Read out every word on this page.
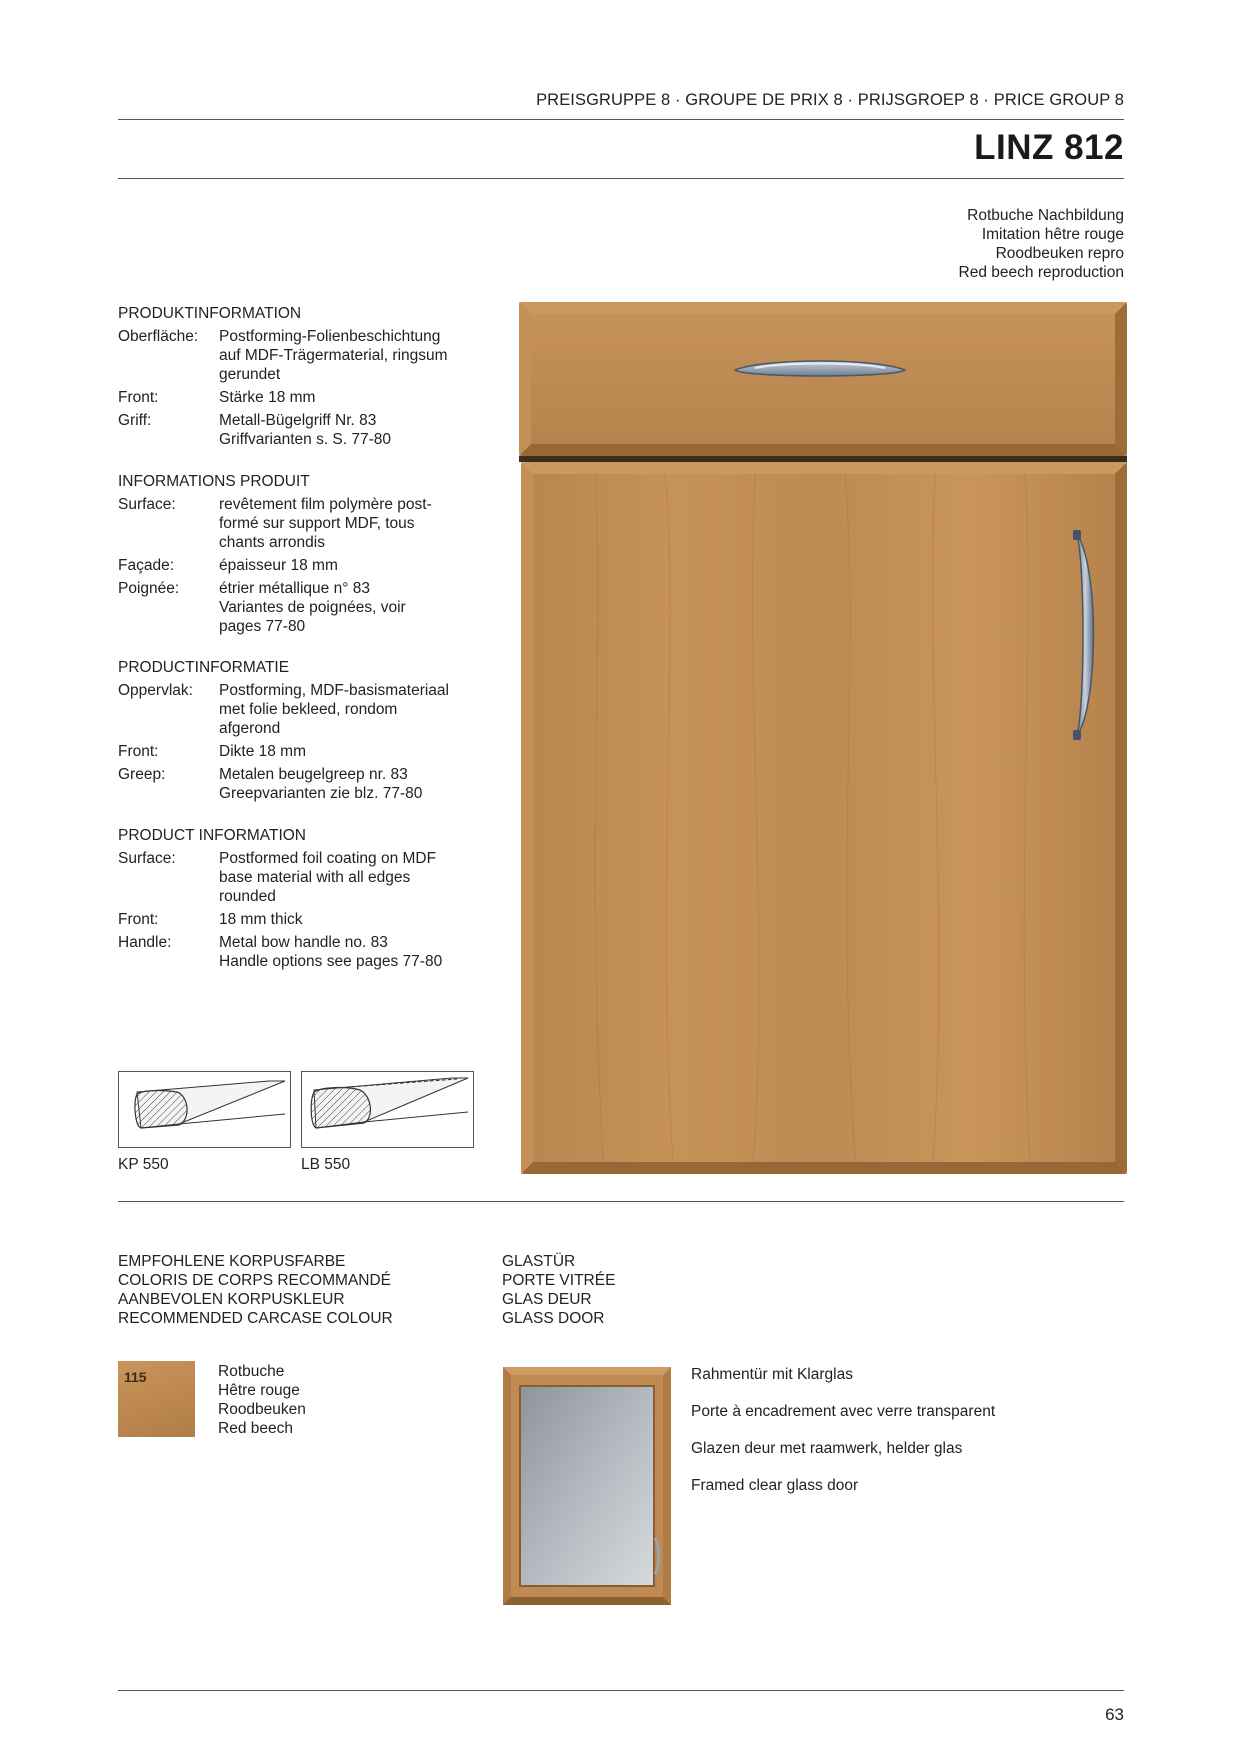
PREISGRUPPE 8 · GROUPE DE PRIX 8 · PRIJSGROEP 8 · PRICE GROUP 8
LINZ 812
Rotbuche Nachbildung
Imitation hêtre rouge
Roodbeuken repro
Red beech reproduction
PRODUKTINFORMATION
Oberfläche:	Postforming-Folienbeschichtung
auf MDF-Trägermaterial, ringsum
gerundet
Front:	Stärke 18 mm
Griff:	Metall-Bügelgriff Nr. 83
Griffvarianten s. S. 77-80
INFORMATIONS PRODUIT
Surface:	revêtement film polymère post-
formé sur support MDF, tous
chants arrondis
Façade:	épaisseur 18 mm
Poignée:	étrier métallique n° 83
Variantes de poignées, voir
pages 77-80
PRODUCTINFORMATIE
Oppervlak:	Postforming, MDF-basismateriaal
met folie bekleed, rondom
afgerond
Front:	Dikte 18 mm
Greep:	Metalen beugelgreep nr. 83
Greepvarianten zie blz. 77-80
PRODUCT INFORMATION
Surface:	Postformed foil coating on MDF
base material with all edges
rounded
Front:	18 mm thick
Handle:	Metal bow handle no. 83
Handle options see pages 77-80
KP 550	LB 550
EMPFOHLENE KORPUSFARBE
COLORIS DE CORPS RECOMMANDÉ
AANBEVOLEN KORPUSKLEUR
RECOMMENDED CARCASE COLOUR
115	Rotbuche
Hêtre rouge
Roodbeuken
Red beech
GLASTÜR
PORTE VITRÉE
GLAS DEUR
GLASS DOOR
Rahmentür mit Klarglas
Porte à encadrement avec verre transparent
Glazen deur met raamwerk, helder glas
Framed clear glass door
63
